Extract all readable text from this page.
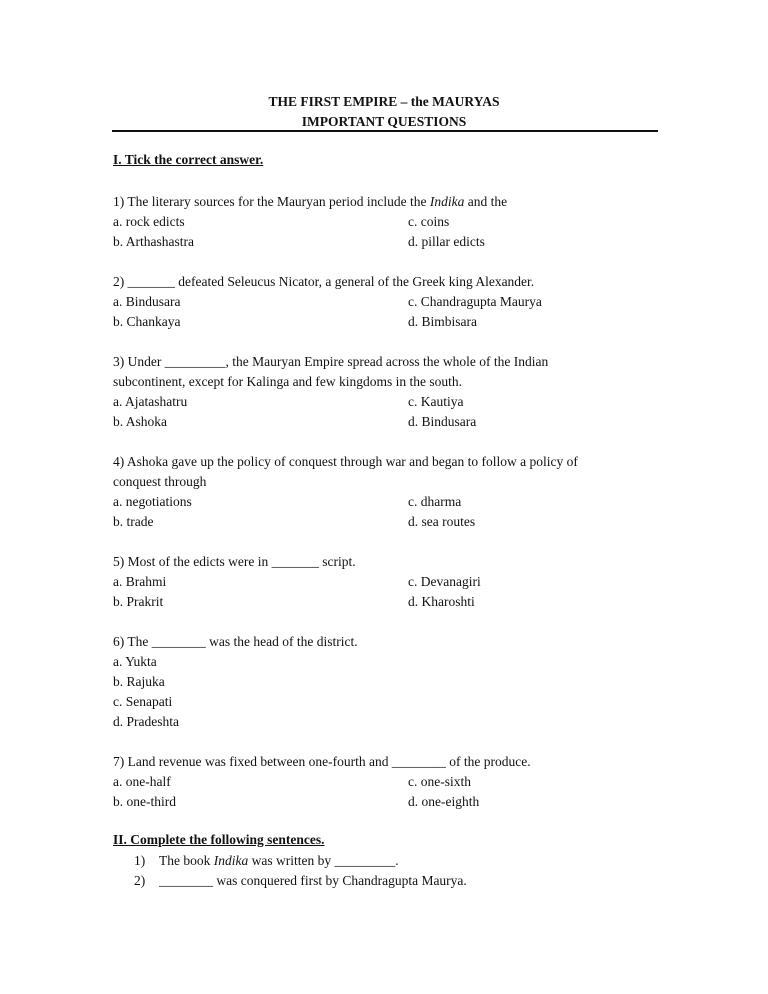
THE FIRST EMPIRE – the MAURYAS
IMPORTANT QUESTIONS
I. Tick the correct answer.
1) The literary sources for the Mauryan period include the Indika and the
a. rock edicts	c. coins
b. Arthashastra	d. pillar edicts
2) _______ defeated Seleucus Nicator, a general of the Greek king Alexander.
a. Bindusara	c. Chandragupta Maurya
b. Chankaya	d. Bimbisara
3) Under _________, the Mauryan Empire spread across the whole of the Indian
subcontinent, except for Kalinga and few kingdoms in the south.
a. Ajatashatru	c. Kautiya
b. Ashoka	d. Bindusara
4) Ashoka gave up the policy of conquest through war and began to follow a policy of
conquest through
a. negotiations	c. dharma
b. trade	d. sea routes
5) Most of the edicts were in _______ script.
a. Brahmi	c. Devanagiri
b. Prakrit	d. Kharoshti
6) The ________ was the head of the district.
a. Yukta
b. Rajuka
c. Senapati
d. Pradeshta
7) Land revenue was fixed between one-fourth and ________ of the produce.
a. one-half	c. one-sixth
b. one-third	d. one-eighth
II. Complete the following sentences.
1) The book Indika was written by _________.
2) ________ was conquered first by Chandragupta Maurya.
